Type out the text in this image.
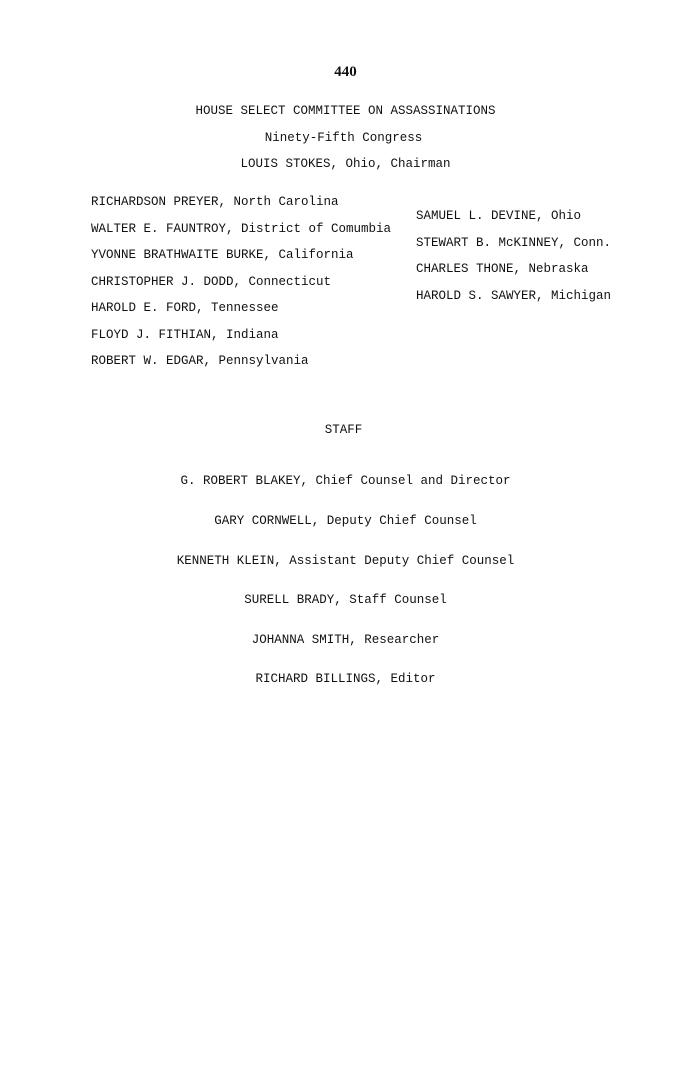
440
HOUSE SELECT COMMITTEE ON ASSASSINATIONS
Ninety-Fifth Congress
LOUIS STOKES, Ohio, Chairman
RICHARDSON PREYER, North Carolina
WALTER E. FAUNTROY, District of Comumbia
YVONNE BRATHWAITE BURKE, California
CHRISTOPHER J. DODD, Connecticut
HAROLD E. FORD, Tennessee
FLOYD J. FITHIAN, Indiana
ROBERT W. EDGAR, Pennsylvania
SAMUEL L. DEVINE, Ohio
STEWART B. McKINNEY, Conn.
CHARLES THONE, Nebraska
HAROLD S. SAWYER, Michigan
STAFF

G. ROBERT BLAKEY, Chief Counsel and Director

GARY CORNWELL, Deputy Chief Counsel

KENNETH KLEIN, Assistant Deputy Chief Counsel

SURELL BRADY, Staff Counsel

JOHANNA SMITH, Researcher

RICHARD BILLINGS, Editor
